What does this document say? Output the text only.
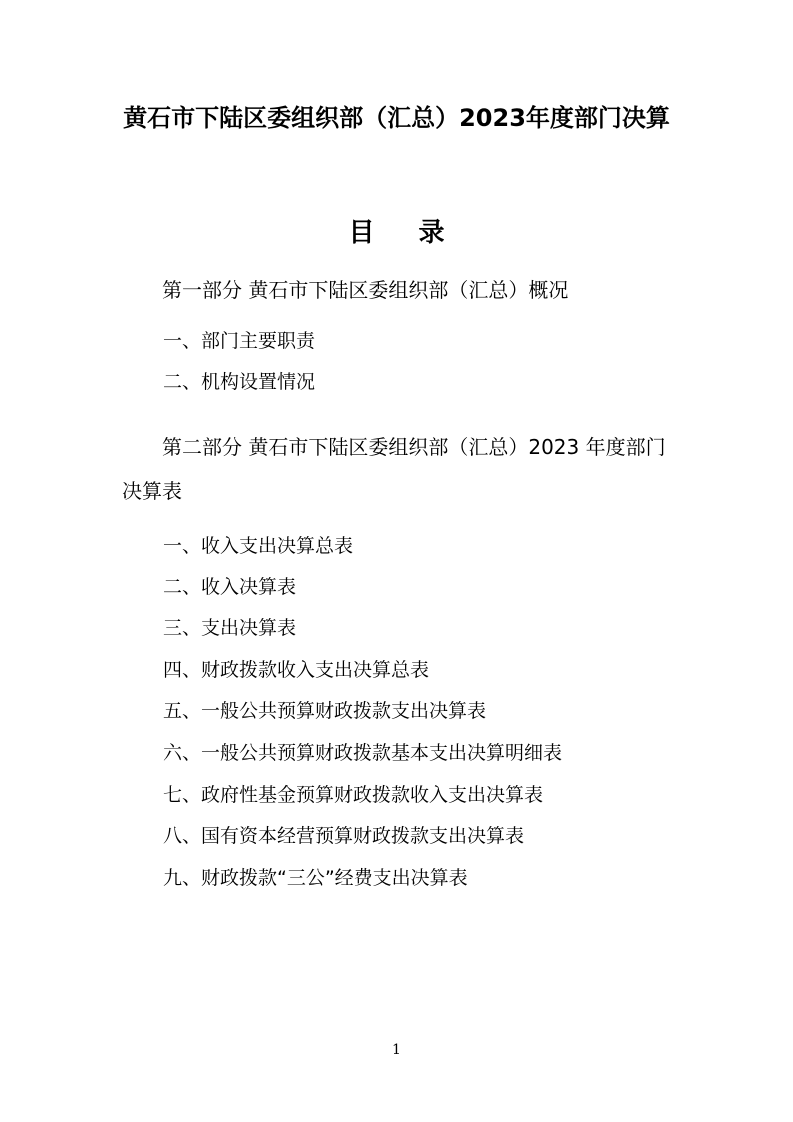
黄石市下陆区委组织部（汇总）2023年度部门决算
目 录

第一部分 黄石市下陆区委组织部（汇总）概况

一、部门主要职责

二、机构设置情况

第二部分 黄石市下陆区委组织部（汇总）2023 年度部门决算表

一、收入支出决算总表

二、收入决算表

三、支出决算表

四、财政拨款收入支出决算总表

五、一般公共预算财政拨款支出决算表

六、一般公共预算财政拨款基本支出决算明细表

七、政府性基金预算财政拨款收入支出决算表

八、国有资本经营预算财政拨款支出决算表

九、财政拨款“三公”经费支出决算表

1
